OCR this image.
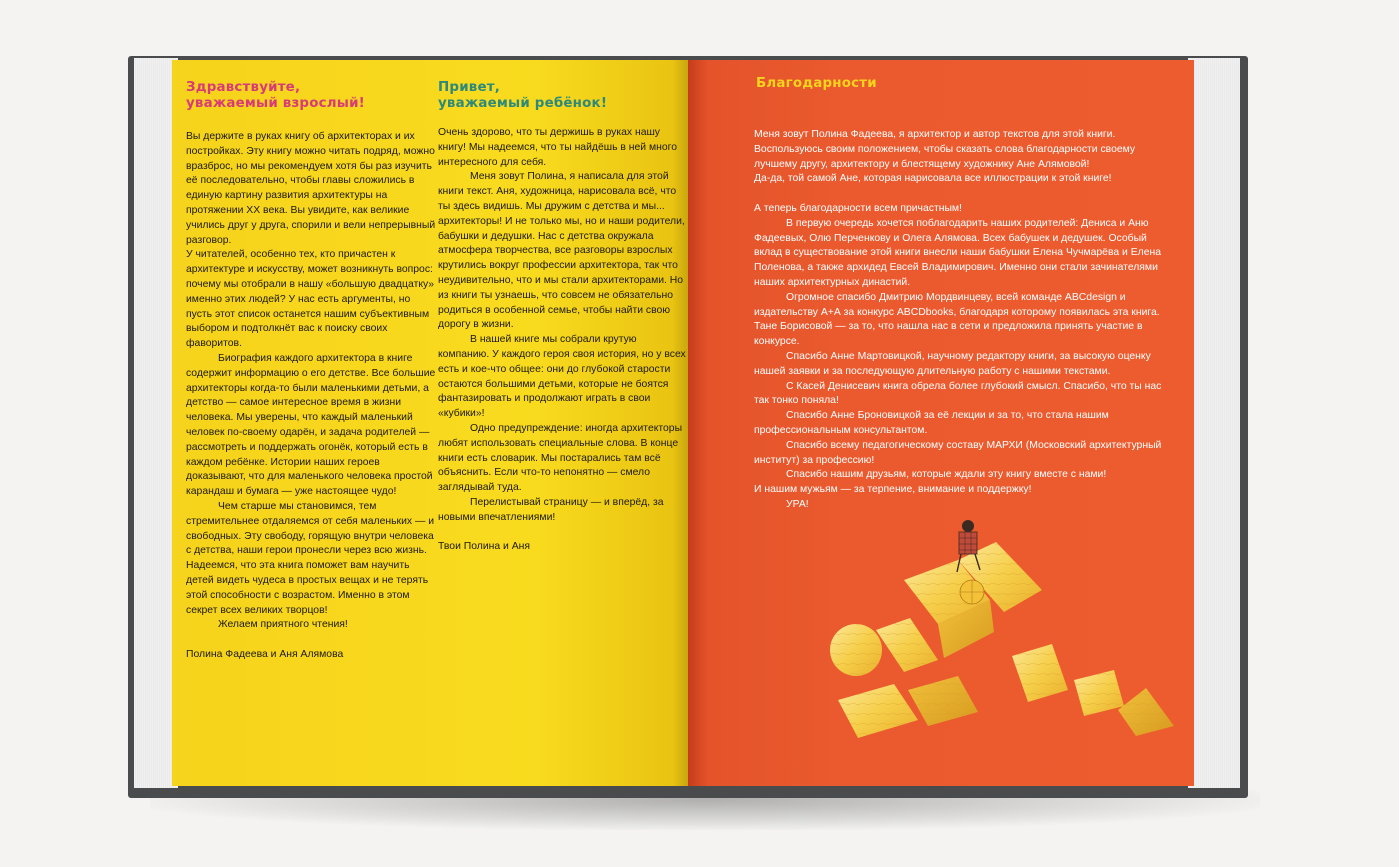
Здравствуйте,
уважаемый взрослый!
Привет,
уважаемый ребёнок!

Вы держите в руках книгу об архитекторах и их постройках. Эту книгу можно читать подряд, можно вразброс, но мы рекомендуем хотя бы раз изучить её последовательно, чтобы главы сложились в единую картину развития архитектуры на протяжении XX века. Вы увидите, как великие учились друг у друга, спорили и вели непрерывный разговор.

У читателей, особенно тех, кто причастен к архитектуре и искусству, может возникнуть вопрос: почему мы отобрали в нашу «большую двадцатку» именно этих людей? У нас есть аргументы, но пусть этот список останется нашим субъективным выбором и подтолкнёт вас к поиску своих фаворитов.

Биография каждого архитектора в книге содержит информацию о его детстве. Все большие архитекторы когда-то были маленькими детьми, а детство — самое интересное время в жизни человека. Мы уверены, что каждый маленький человек по-своему одарён, и задача родителей — рассмотреть и поддержать огонёк, который есть в каждом ребёнке. Истории наших героев доказывают, что для маленького человека простой карандаш и бумага — уже настоящее чудо!

Чем старше мы становимся, тем стремительнее отдаляемся от себя маленьких — и свободных. Эту свободу, горящую внутри человека с детства, наши герои пронесли через всю жизнь. Надеемся, что эта книга поможет вам научить детей видеть чудеса в простых вещах и не терять этой способности с возрастом. Именно в этом секрет всех великих творцов!

Желаем приятного чтения!

Полина Фадеева и Аня Алямова

Очень здорово, что ты держишь в руках нашу книгу! Мы надеемся, что ты найдёшь в ней много интересного для себя.

Меня зовут Полина, я написала для этой книги текст. Аня, художница, нарисовала всё, что ты здесь видишь. Мы дружим с детства и мы... архитекторы! И не только мы, но и наши родители, бабушки и дедушки. Нас с детства окружала атмосфера творчества, все разговоры взрослых крутились вокруг профессии архитектора, так что неудивительно, что и мы стали архитекторами. Но из книги ты узнаешь, что совсем не обязательно родиться в особенной семье, чтобы найти свою дорогу в жизни.

В нашей книге мы собрали крутую компанию. У каждого героя своя история, но у всех есть и кое-что общее: они до глубокой старости остаются большими детьми, которые не боятся фантазировать и продолжают играть в свои «кубики»!

Одно предупреждение: иногда архитекторы любят использовать специальные слова. В конце книги есть словарик. Мы постарались там всё объяснить. Если что-то непонятно — смело заглядывай туда.

Перелистывай страницу — и вперёд, за новыми впечатлениями!

Твои Полина и Аня

Благодарности

Меня зовут Полина Фадеева, я архитектор и автор текстов для этой книги.

Воспользуюсь своим положением, чтобы сказать слова благодарности своему

лучшему другу, архитектору и блестящему художнику Ане Алямовой!

Да-да, той самой Ане, которая нарисовала все иллюстрации к этой книге!

А теперь благодарности всем причастным!

В первую очередь хочется поблагодарить наших родителей: Дениса и Аню Фадеевых, Олю Перченкову и Олега Алямова. Всех бабушек и дедушек. Особый вклад в существование этой книги внесли наши бабушки Елена Чучмарёва и Елена Поленова, а также архидед Евсей Владимирович. Именно они стали зачинателями наших архитектурных династий.

Огромное спасибо Дмитрию Мордвинцеву, всей команде ABCdesign и издательству А+А за конкурс ABCDbooks, благодаря которому появилась эта книга. Тане Борисовой — за то, что нашла нас в сети и предложила принять участие в конкурсе.

Спасибо Анне Мартовицкой, научному редактору книги, за высокую оценку нашей заявки и за последующую длительную работу с нашими текстами.

С Касей Денисевич книга обрела более глубокий смысл. Спасибо, что ты нас так тонко поняла!

Спасибо Анне Броновицкой за её лекции и за то, что стала нашим профессиональным консультантом.

Спасибо всему педагогическому составу МАРХИ (Московский архитектурный институт) за профессию!

Спасибо нашим друзьям, которые ждали эту книгу вместе с нами!

И нашим мужьям — за терпение, внимание и поддержку!

УРА!
